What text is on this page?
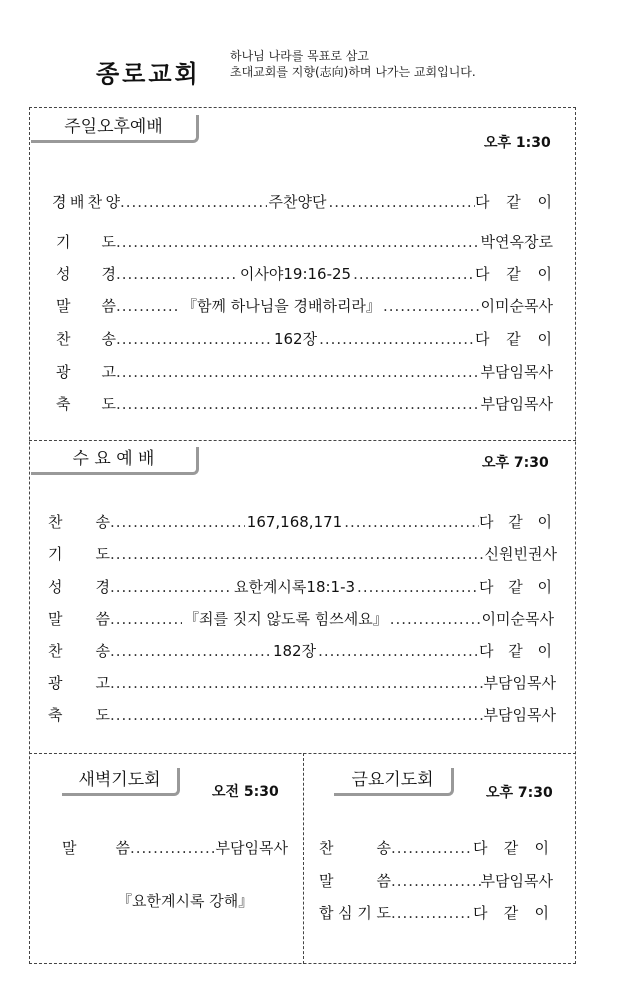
종로교회
하나님 나라를 목표로 삼고
초대교회를 지향(志向)하며 나가는 교회입니다.
주일오후예배
오후 1:30
경 배 찬 양 .....	주찬양단 .....	다 같 이
기 도 .....	박연옥장로
성 경 .....	이사야19:16-25 .....	다 같 이
말 씀 .....	『함께 하나님을 경배하리라』 .....	이미순목사
찬 송 .....	162장 .....	다 같 이
광 고 .....	부담임목사
축 도 .....	부담임목사
수 요 예 배	오후 7:30
찬 송 .....	167,168,171 .....	다 같 이
기 도 .....	신원빈권사
성 경 .....	요한계시록18:1-3 .....	다 같 이
말 씀 .....	『죄를 짓지 않도록 힘쓰세요』 .....	이미순목사
찬 송 .....	182장 .....	다 같 이
광 고 .....	부담임목사
축 도 .....	부담임목사
새벽기도회
오전 5:30
말	씀 .....	부담임목사
『요한계시록 강해』
금요기도회
오후 7:30
찬	송 .....	다 같 이
말	씀 .....	부담임목사
합 심 기 도 .....	다 같 이
